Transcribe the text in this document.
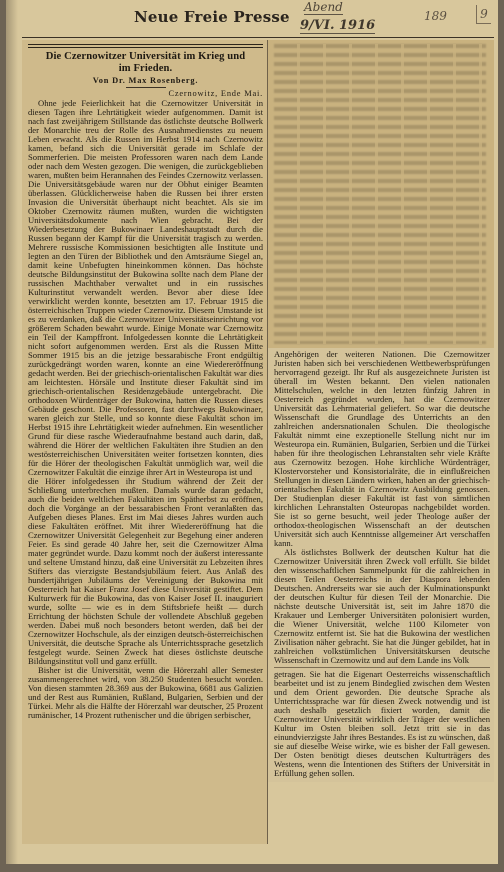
Neue Freie Presse
Abend
9/VI. 1916
189	9
Die Czernowitzer Universität im Krieg und
im Frieden.
Von Dr. Max Rosenberg.
Czernowitz, Ende Mai.

Ohne jede Feierlichkeit hat die Czernowitzer Universität in diesen Tagen ihre Lehrtätigkeit wieder aufgenommen. Damit ist nach fast zweijährigem Stillstande das östlichste deutsche Bollwerk der Monarchie treu der Rolle des Ausnahmedienstes zu neuem Leben erwacht. Als die Russen im Herbst 1914 nach Czernowitz kamen, befand sich die Universität gerade im Schlafe der Sommerferien. Die meisten Professoren waren nach dem Lande oder nach dem Westen gezogen. Die wenigen, die zurückgeblieben waren, mußten beim Herannahen des Feindes Czernowitz verlassen. Die Universitätsgebäude waren nur der Obhut einiger Beamten überlassen. Glücklicherweise haben die Russen bei ihrer ersten Invasion die Universität überhaupt nicht beachtet. Als sie im Oktober Czernowitz räumen mußten, wurden die wichtigsten Universitätsdokumente nach Wien gebracht. Bei der Wiederbesetzung der Bukowinaer Landeshauptstadt durch die Russen begann der Kampf für die Universität tragisch zu werden. Mehrere russische Kommissionen besichtigten alle Institute und legten an den Türen der Bibliothek und den Amtsräume Siegel an, damit keine Unbefugten hineinkommen können. Das höchste deutsche Bildungsinstitut der Bukowina sollte nach dem Plane der russischen Machthaber verwaltet und in ein russisches Kulturinstitut verwandelt werden. Bevor aber diese Idee verwirklicht werden konnte, besetzten am 17. Februar 1915 die österreichischen Truppen wieder Czernowitz. Diesem Umstande ist es zu verdanken, daß die Czernowitzer Universitätseinrichtung vor größerem Schaden bewahrt wurde. Einige Monate war Czernowitz ein Teil der Kampffront. Infolgedessen konnte die Lehrtätigkeit nicht sofort aufgenommen werden. Erst als die Russen Mitte Sommer 1915 bis an die jetzige bessarabische Front endgültig zurückgedrängt worden waren, konnte an eine Wiedereröffnung gedacht werden. Bei der griechisch-orientalischen Fakultät war dies am leichtesten. Hörsäle und Institute dieser Fakultät sind im griechisch-orientalischen Residenzgebäude untergebracht. Die orthodoxen Würdenträger der Bukowina, hatten die Russen dieses Gebäude geschont. Die Professoren, fast durchwegs Bukowinaer, waren gleich zur Stelle, und so konnte diese Fakultät schon im Herbst 1915 ihre Lehrtätigkeit wieder aufnehmen. Ein wesentlicher Grund für diese rasche Wiederaufnahme bestand auch darin, daß, während die Hörer der weltlichen Fakultäten ihre Studien an den westösterreichischen Universitäten weiter fortsetzen konnten, dies für die Hörer der theologischen Fakultät unmöglich war, weil die Czernowitzer Fakultät die einzige ihrer Art in Westeuropa ist und

die Hörer infolgedessen ihr Studium während der Zeit der Schließung unterbrechen mußten. Damals wurde daran gedacht, auch die beiden weltlichen Fakultäten im Spätherbst zu eröffnen, doch die Vorgänge an der bessarabischen Front veranlaßten das Aufgeben dieses Planes. Erst im Mai dieses Jahres wurden auch diese Fakultäten eröffnet. Mit ihrer Wiedereröffnung hat die Czernowitzer Universität Gelegenheit zur Begehung einer anderen Feier. Es sind gerade 40 Jahre her, seit die Czernowitzer Alma mater gegründet wurde. Dazu kommt noch der äußerst interessante und seltene Umstand hinzu, daß eine Universität zu Lebzeiten ihres Stifters das vierzigste Bestandsjubiläum feiert. Aus Anlaß des hundertjährigen Jubiläums der Vereinigung der Bukowina mit Oesterreich hat Kaiser Franz Josef diese Universität gestiftet. Dem Kulturwerk für die Bukowina, das von Kaiser Josef II. inauguriert wurde, sollte — wie es in dem Stiftsbriefe heißt — durch Errichtung der höchsten Schule der vollendete Abschluß gegeben werden. Dabei muß noch besonders betont werden, daß bei der Czernowitzer Hochschule, als der einzigen deutsch-österreichischen Universität, die deutsche Sprache als Unterrichtssprache gesetzlich festgelegt wurde. Seinen Zweck hat dieses östlichste deutsche Bildungsinstitut voll und ganz erfüllt.

Bisher ist die Universität, wenn die Hörerzahl aller Semester zusammengerechnet wird, von 38.250 Studenten besucht worden. Von diesen stammten 28.369 aus der Bukowina, 6681 aus Galizien und der Rest aus Rumänien, Rußland, Bulgarien, Serbien und der Türkei. Mehr als die Hälfte der Hörerzahl war deutscher, 25 Prozent rumänischer, 14 Prozent ruthenischer und die übrigen serbischer,

Angehörigen der weiteren Nationen. Die Czernowitzer Juristen haben sich bei verschiedenen Wettbewerbsprüfungen hervorragend gezeigt. Ihr Ruf als ausgezeichnete Juristen ist überall im Westen bekannt. Den vielen nationalen Mittelschulen, welche in den letzten fünfzig Jahren in Oesterreich gegründet wurden, hat die Czernowitzer Universität das Lehrmaterial geliefert. So war die deutsche Wissenschaft die Grundlage des Unterrichts an den zahlreichen andersnationalen Schulen. Die theologische Fakultät nimmt eine exzeptionelle Stellung nicht nur im Westeuropa ein. Rumänien, Bulgarien, Serbien und die Türkei haben für ihre theologischen Lehranstalten sehr viele Kräfte aus Czernowitz bezogen. Hohe kirchliche Würdenträger, Klostervorsteher und Konsistorialräte, die in einflußreichen Stellungen in diesen Ländern wirken, haben an der griechisch-orientalischen Fakultät in Czernowitz Ausbildung genossen. Der Studienplan dieser Fakultät ist fast von sämtlichen kirchlichen Lehranstalten Osteuropas nachgebildet worden. Sie ist so gerne besucht, weil jeder Theologe außer der orthodox-theologischen Wissenschaft an der deutschen Universität sich auch Kenntnisse allgemeiner Art verschaffen kann.

Als östlichstes Bollwerk der deutschen Kultur hat die Czernowitzer Universität ihren Zweck voll erfüllt. Sie bildet den wissenschaftlichen Sammelpunkt für die zahlreichen in diesen Teilen Oesterreichs in der Diaspora lebenden Deutschen. Andrerseits war sie auch der Kulminationspunkt der deutschen Kultur für diesen Teil der Monarchie. Die nächste deutsche Universität ist, seit im Jahre 1870 die Krakauer und Lemberger Universitäten polonisiert wurden, die Wiener Universität, welche 1100 Kilometer von Czernowitz entfernt ist. Sie hat die Bukowina der westlichen Zivilisation näher gebracht. Sie hat die Jünger gebildet, hat in zahlreichen volkstümlichen Universitätskursen deutsche Wissenschaft in Czernowitz und auf dem Lande ins Volk

getragen. Sie hat die Eigenart Oesterreichs wissenschaftlich bearbeitet und ist zu jenem Bindeglied zwischen dem Westen und dem Orient geworden. Die deutsche Sprache als Unterrichtssprache war für diesen Zweck notwendig und ist auch deshalb gesetzlich fixiert worden, damit die Czernowitzer Universität wirklich der Träger der westlichen Kultur im Osten bleiben soll. Jetzt tritt sie in das einundvierzigste Jahr ihres Bestandes. Es ist zu wünschen, daß sie auf dieselbe Weise wirke, wie es bisher der Fall gewesen. Der Osten benötigt dieses deutschen Kulturträgers des Westens, wenn die Intentionen des Stifters der Universität in Erfüllung gehen sollen.
